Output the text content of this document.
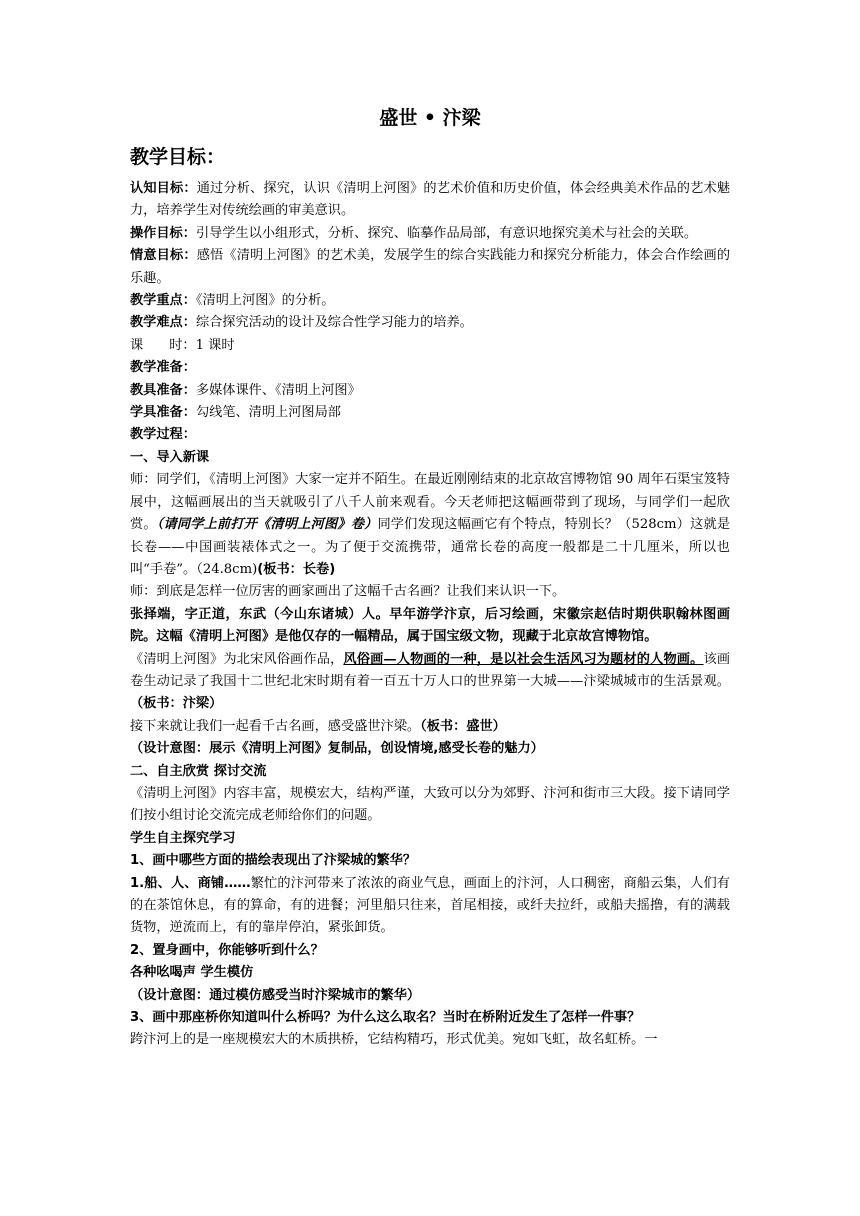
盛世 • 汴梁
教学目标：

认知目标：通过分析、探究，认识《清明上河图》的艺术价值和历史价值，体会经典美术作品的艺术魅力，培养学生对传统绘画的审美意识。

操作目标：引导学生以小组形式，分析、探究、临摹作品局部，有意识地探究美术与社会的关联。

情意目标：感悟《清明上河图》的艺术美，发展学生的综合实践能力和探究分析能力，体会合作绘画的乐趣。

教学重点：《清明上河图》的分析。

教学难点：综合探究活动的设计及综合性学习能力的培养。

课 时：1 课时

教学准备：

教具准备：多媒体课件、《清明上河图》

学具准备：勾线笔、清明上河图局部

教学过程：

一、导入新课

师：同学们，《清明上河图》大家一定并不陌生。在最近刚刚结束的北京故宫博物馆 90 周年石渠宝笈特展中，这幅画展出的当天就吸引了八千人前来观看。今天老师把这幅画带到了现场，与同学们一起欣赏。（请同学上前打开《清明上河图》卷）同学们发现这幅画它有个特点，特别长？（528cm）这就是长卷——中国画装裱体式之一。为了便于交流携带，通常长卷的高度一般都是二十几厘米，所以也叫“手卷”。（24.8cm)(板书：长卷)

师：到底是怎样一位厉害的画家画出了这幅千古名画？让我们来认识一下。

张择端，字正道，东武（今山东诸城）人。早年游学汴京，后习绘画，宋徽宗赵佶时期供职翰林图画院。这幅《清明上河图》是他仅存的一幅精品，属于国宝级文物，现藏于北京故宫博物馆。

《清明上河图》为北宋风俗画作品，风俗画—人物画的一种，是以社会生活风习为题材的人物画。该画卷生动记录了我国十二世纪北宋时期有着一百五十万人口的世界第一大城——汴梁城城市的生活景观。（板书：汴梁）

接下来就让我们一起看千古名画，感受盛世汴梁。（板书：盛世）

（设计意图：展示《清明上河图》复制品，创设情境,感受长卷的魅力）

二、自主欣赏 探讨交流

《清明上河图》内容丰富，规模宏大，结构严谨，大致可以分为郊野、汴河和街市三大段。接下请同学们按小组讨论交流完成老师给你们的问题。

学生自主探究学习

1、画中哪些方面的描绘表现出了汴梁城的繁华？

1.船、人、商铺……繁忙的汴河带来了浓浓的商业气息，画面上的汴河，人口稠密，商船云集，人们有的在茶馆休息，有的算命，有的进餐；河里船只往来，首尾相接，或纤夫拉纤，或船夫摇撸，有的满载货物，逆流而上，有的靠岸停泊，紧张卸货。

2、置身画中，你能够听到什么？

各种吆喝声 学生模仿

（设计意图：通过模仿感受当时汴梁城市的繁华）

3、画中那座桥你知道叫什么桥吗？为什么这么取名？当时在桥附近发生了怎样一件事？

跨汴河上的是一座规模宏大的木质拱桥，它结构精巧，形式优美。宛如飞虹，故名虹桥。一
